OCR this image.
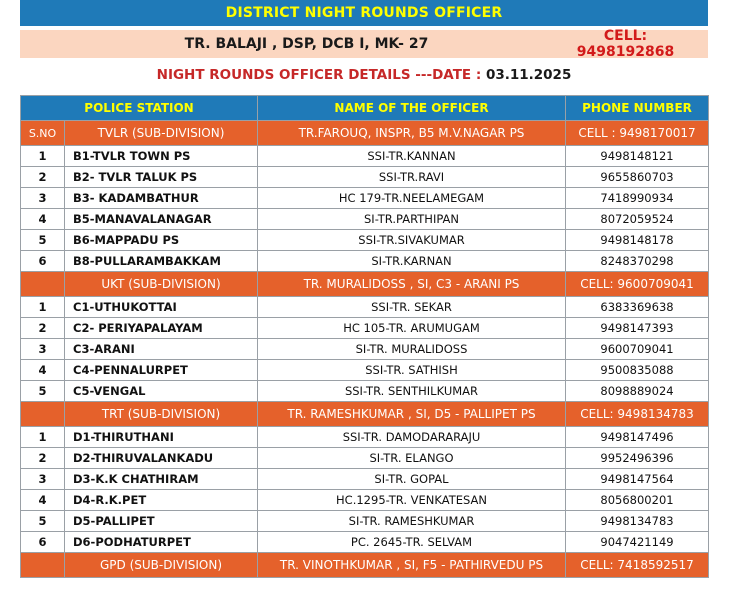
DISTRICT NIGHT ROUNDS OFFICER
TR. BALAJI , DSP, DCB I, MK- 27	CELL: 9498192868
NIGHT ROUNDS OFFICER DETAILS ---DATE : 03.11.2025
POLICE STATION		NAME OF THE OFFICER	PHONE NUMBER
S.NO	TVLR (SUB-DIVISION)	TR.FAROUQ, INSPR, B5 M.V.NAGAR PS	CELL : 9498170017
1	B1-TVLR TOWN PS	SSI-TR.KANNAN	9498148121
2	B2- TVLR TALUK PS	SSI-TR.RAVI	9655860703
3	B3- KADAMBATHUR	HC 179-TR.NEELAMEGAM	7418990934
4	B5-MANAVALANAGAR	SI-TR.PARTHIPAN	8072059524
5	B6-MAPPADU PS	SSI-TR.SIVAKUMAR	9498148178
6	B8-PULLARAMBAKKAM	SI-TR.KARNAN	8248370298
	UKT (SUB-DIVISION)	TR. MURALIDOSS , SI, C3 - ARANI PS	CELL: 9600709041
1	C1-UTHUKOTTAI	SSI-TR. SEKAR	6383369638
2	C2- PERIYAPALAYAM	HC 105-TR. ARUMUGAM	9498147393
3	C3-ARANI	SI-TR. MURALIDOSS	9600709041
4	C4-PENNALURPET	SSI-TR. SATHISH	9500835088
5	C5-VENGAL	SSI-TR. SENTHILKUMAR	8098889024
	TRT (SUB-DIVISION)	TR. RAMESHKUMAR , SI, D5 - PALLIPET PS	CELL: 9498134783
1	D1-THIRUTHANI	SSI-TR. DAMODARARAJU	9498147496
2	D2-THIRUVALANKADU	SI-TR. ELANGO	9952496396
3	D3-K.K CHATHIRAM	SI-TR. GOPAL	9498147564
4	D4-R.K.PET	HC.1295-TR. VENKATESAN	8056800201
5	D5-PALLIPET	SI-TR. RAMESHKUMAR	9498134783
6	D6-PODHATURPET	PC. 2645-TR. SELVAM	9047421149
	GPD (SUB-DIVISION)	TR. VINOTHKUMAR , SI, F5 - PATHIRVEDU PS	CELL: 7418592517
